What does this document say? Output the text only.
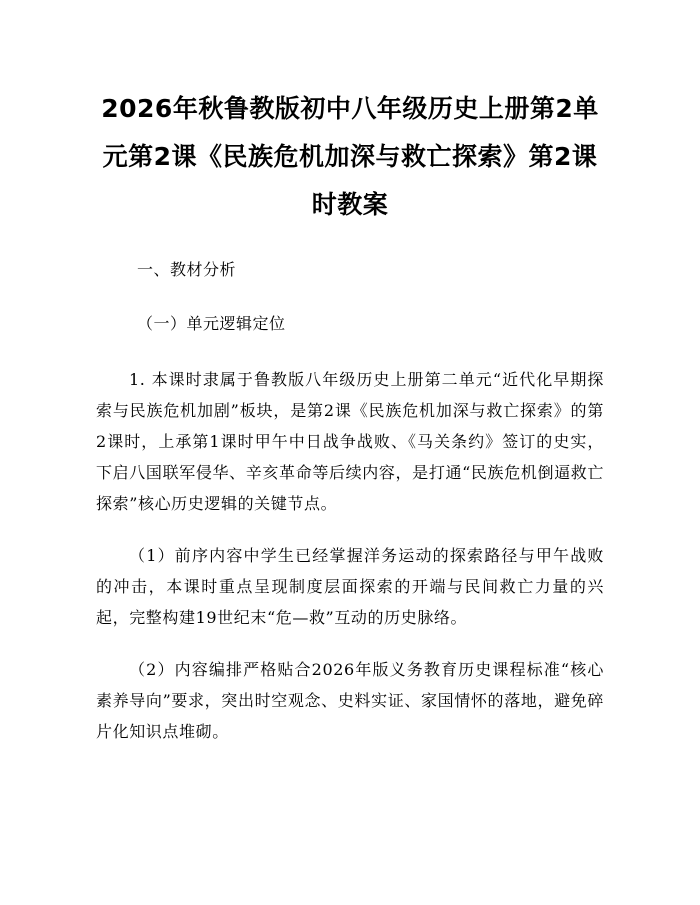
2026年秋鲁教版初中八年级历史上册第2单元第2课《民族危机加深与救亡探索》第2课时教案

一、教材分析

（一）单元逻辑定位

1. 本课时隶属于鲁教版八年级历史上册第二单元“近代化早期探索与民族危机加剧”板块，是第2课《民族危机加深与救亡探索》的第2课时，上承第1课时甲午中日战争战败、《马关条约》签订的史实，下启八国联军侵华、辛亥革命等后续内容，是打通“民族危机倒逼救亡探索”核心历史逻辑的关键节点。

（1）前序内容中学生已经掌握洋务运动的探索路径与甲午战败的冲击，本课时重点呈现制度层面探索的开端与民间救亡力量的兴起，完整构建19世纪末“危—救”互动的历史脉络。

（2）内容编排严格贴合2026年版义务教育历史课程标准“核心素养导向”要求，突出时空观念、史料实证、家国情怀的落地，避免碎片化知识点堆砌。
